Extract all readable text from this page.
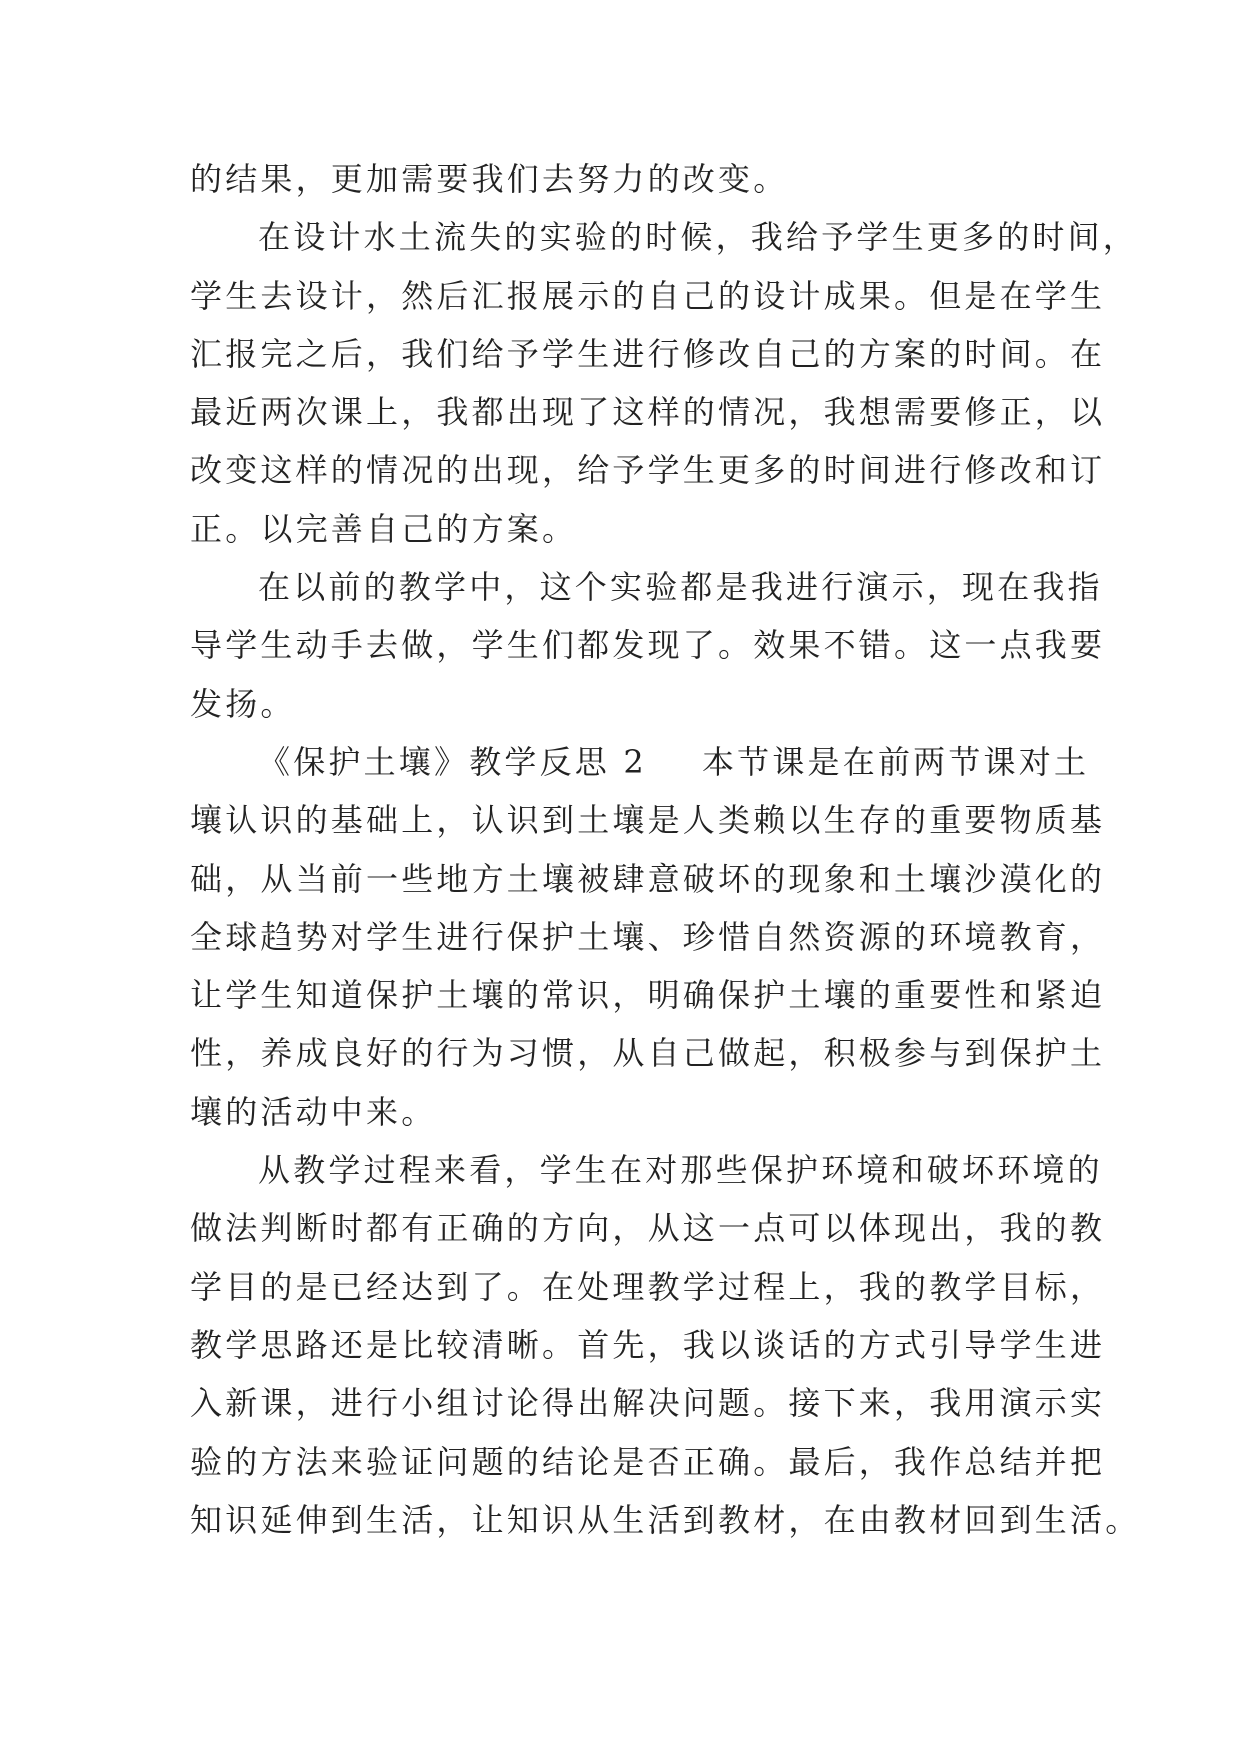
的结果，更加需要我们去努力的改变。
在设计水土流失的实验的时候，我给予学生更多的时间，
学生去设计，然后汇报展示的自己的设计成果。但是在学生
汇报完之后，我们给予学生进行修改自己的方案的时间。在
最近两次课上，我都出现了这样的情况，我想需要修正，以
改变这样的情况的出现，给予学生更多的时间进行修改和订
正。以完善自己的方案。
在以前的教学中，这个实验都是我进行演示，现在我指
导学生动手去做，学生们都发现了。效果不错。这一点我要
发扬。
《保护土壤》教学反思 2 本节课是在前两节课对土
壤认识的基础上，认识到土壤是人类赖以生存的重要物质基
础，从当前一些地方土壤被肆意破坏的现象和土壤沙漠化的
全球趋势对学生进行保护土壤、珍惜自然资源的环境教育，
让学生知道保护土壤的常识，明确保护土壤的重要性和紧迫
性，养成良好的行为习惯，从自己做起，积极参与到保护土
壤的活动中来。
从教学过程来看，学生在对那些保护环境和破坏环境的
做法判断时都有正确的方向，从这一点可以体现出，我的教
学目的是已经达到了。在处理教学过程上，我的教学目标，
教学思路还是比较清晰。首先，我以谈话的方式引导学生进
入新课，进行小组讨论得出解决问题。接下来，我用演示实
验的方法来验证问题的结论是否正确。最后，我作总结并把
知识延伸到生活，让知识从生活到教材，在由教材回到生活。
